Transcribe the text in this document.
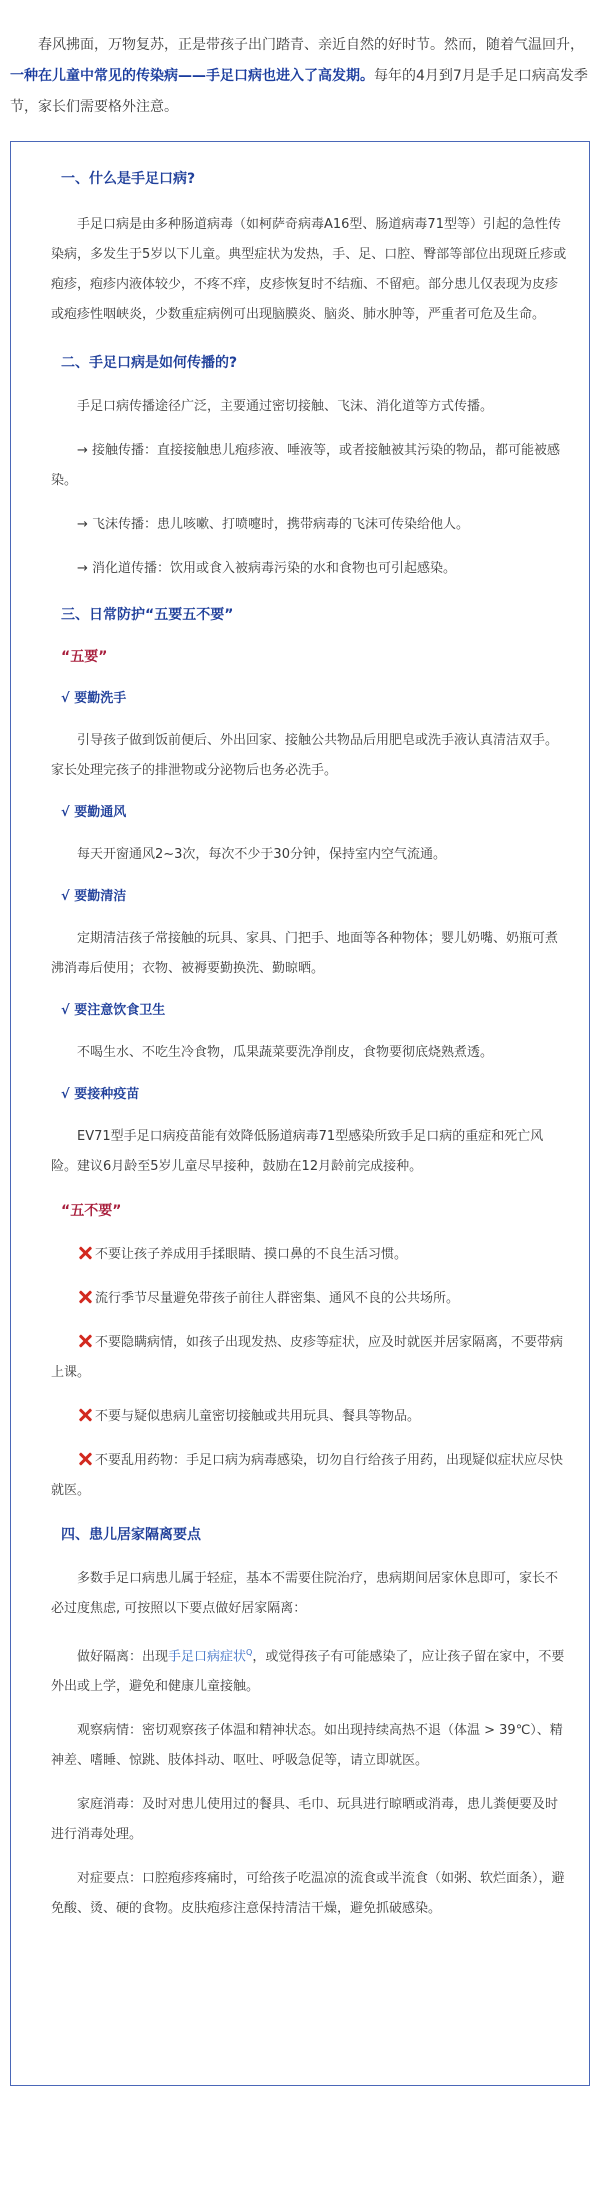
春风拂面，万物复苏，正是带孩子出门踏青、亲近自然的好时节。然而，随着气温回升，一种在儿童中常见的传染病——手足口病也进入了高发期。每年的4月到7月是手足口病高发季节，家长们需要格外注意。

一、什么是手足口病?

手足口病是由多种肠道病毒（如柯萨奇病毒A16型、肠道病毒71型等）引起的急性传染病，多发生于5岁以下儿童。典型症状为发热，手、足、口腔、臀部等部位出现斑丘疹或疱疹，疱疹内液体较少，不疼不痒，皮疹恢复时不结痂、不留疤。部分患儿仅表现为皮疹或疱疹性咽峡炎，少数重症病例可出现脑膜炎、脑炎、肺水肿等，严重者可危及生命。

二、手足口病是如何传播的?

手足口病传播途径广泛，主要通过密切接触、飞沫、消化道等方式传播。

→ 接触传播：直接接触患儿疱疹液、唾液等，或者接触被其污染的物品，都可能被感染。

→ 飞沫传播：患儿咳嗽、打喷嚏时，携带病毒的飞沫可传染给他人。

→ 消化道传播：饮用或食入被病毒污染的水和食物也可引起感染。

三、日常防护“五要五不要”
“五要”
√ 要勤洗手

引导孩子做到饭前便后、外出回家、接触公共物品后用肥皂或洗手液认真清洁双手。家长处理完孩子的排泄物或分泌物后也务必洗手。

√ 要勤通风

每天开窗通风2~3次，每次不少于30分钟，保持室内空气流通。

√ 要勤清洁

定期清洁孩子常接触的玩具、家具、门把手、地面等各种物体；婴儿奶嘴、奶瓶可煮沸消毒后使用；衣物、被褥要勤换洗、勤晾晒。

√ 要注意饮食卫生

不喝生水、不吃生冷食物，瓜果蔬菜要洗净削皮，食物要彻底烧熟煮透。

√ 要接种疫苗

EV71型手足口病疫苗能有效降低肠道病毒71型感染所致手足口病的重症和死亡风险。建议6月龄至5岁儿童尽早接种，鼓励在12月龄前完成接种。

“五不要”

不要让孩子养成用手揉眼睛、摸口鼻的不良生活习惯。

流行季节尽量避免带孩子前往人群密集、通风不良的公共场所。

不要隐瞒病情，如孩子出现发热、皮疹等症状，应及时就医并居家隔离，不要带病上课。

不要与疑似患病儿童密切接触或共用玩具、餐具等物品。

不要乱用药物：手足口病为病毒感染，切勿自行给孩子用药，出现疑似症状应尽快就医。

四、患儿居家隔离要点

多数手足口病患儿属于轻症，基本不需要住院治疗，患病期间居家休息即可，家长不必过度焦虑, 可按照以下要点做好居家隔离：

做好隔离：出现手足口病症状$^Q$，或觉得孩子有可能感染了，应让孩子留在家中，不要外出或上学，避免和健康儿童接触。

观察病情：密切观察孩子体温和精神状态。如出现持续高热不退（体温 > 39℃）、精神差、嗜睡、惊跳、肢体抖动、呕吐、呼吸急促等，请立即就医。

家庭消毒：及时对患儿使用过的餐具、毛巾、玩具进行晾晒或消毒，患儿粪便要及时进行消毒处理。

对症要点：口腔疱疹疼痛时，可给孩子吃温凉的流食或半流食（如粥、软烂面条），避免酸、烫、硬的食物。皮肤疱疹注意保持清洁干燥，避免抓破感染。
